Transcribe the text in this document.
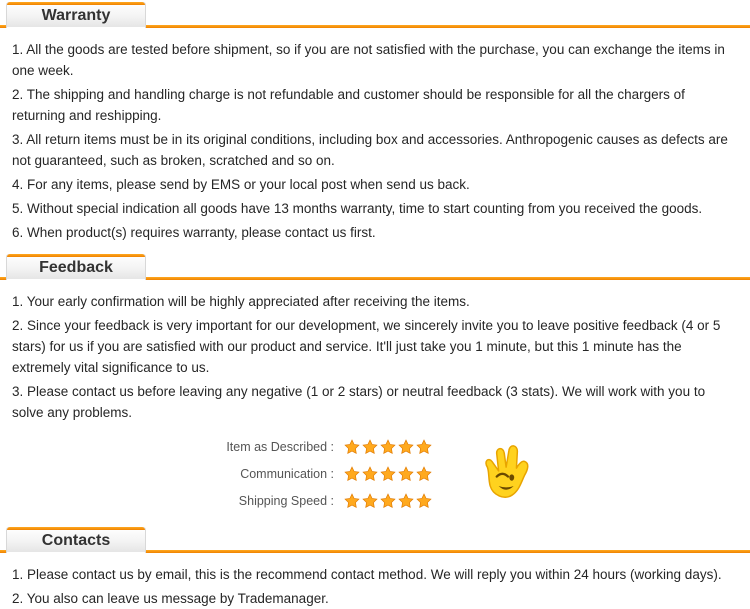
Warranty

1. All the goods are tested before shipment, so if you are not satisfied with the purchase, you can exchange the items in one week.

2. The shipping and handling charge is not refundable and customer should be responsible for all the chargers of returning and reshipping.

3. All return items must be in its original conditions, including box and accessories. Anthropogenic causes as defects are not guaranteed, such as broken, scratched and so on.

4. For any items, please send by EMS or your local post when send us back.

5. Without special indication all goods have 13 months warranty, time to start counting from you received the goods.

6. When product(s) requires warranty, please contact us first.

Feedback

1. Your early confirmation will be highly appreciated after receiving the items.

2. Since your feedback is very important for our development, we sincerely invite you to leave positive feedback (4 or 5 stars) for us if you are satisfied with our product and service. It'll just take you 1 minute, but this 1 minute has the extremely vital significance to us.

3. Please contact us before leaving any negative (1 or 2 stars) or neutral feedback (3 stats). We will work with you to solve any problems.

Item as Described :
Communication :
Shipping Speed :
Contacts

1. Please contact us by email, this is the recommend contact method. We will reply you within 24 hours (working days).

2. You also can leave us message by Trademanager.
